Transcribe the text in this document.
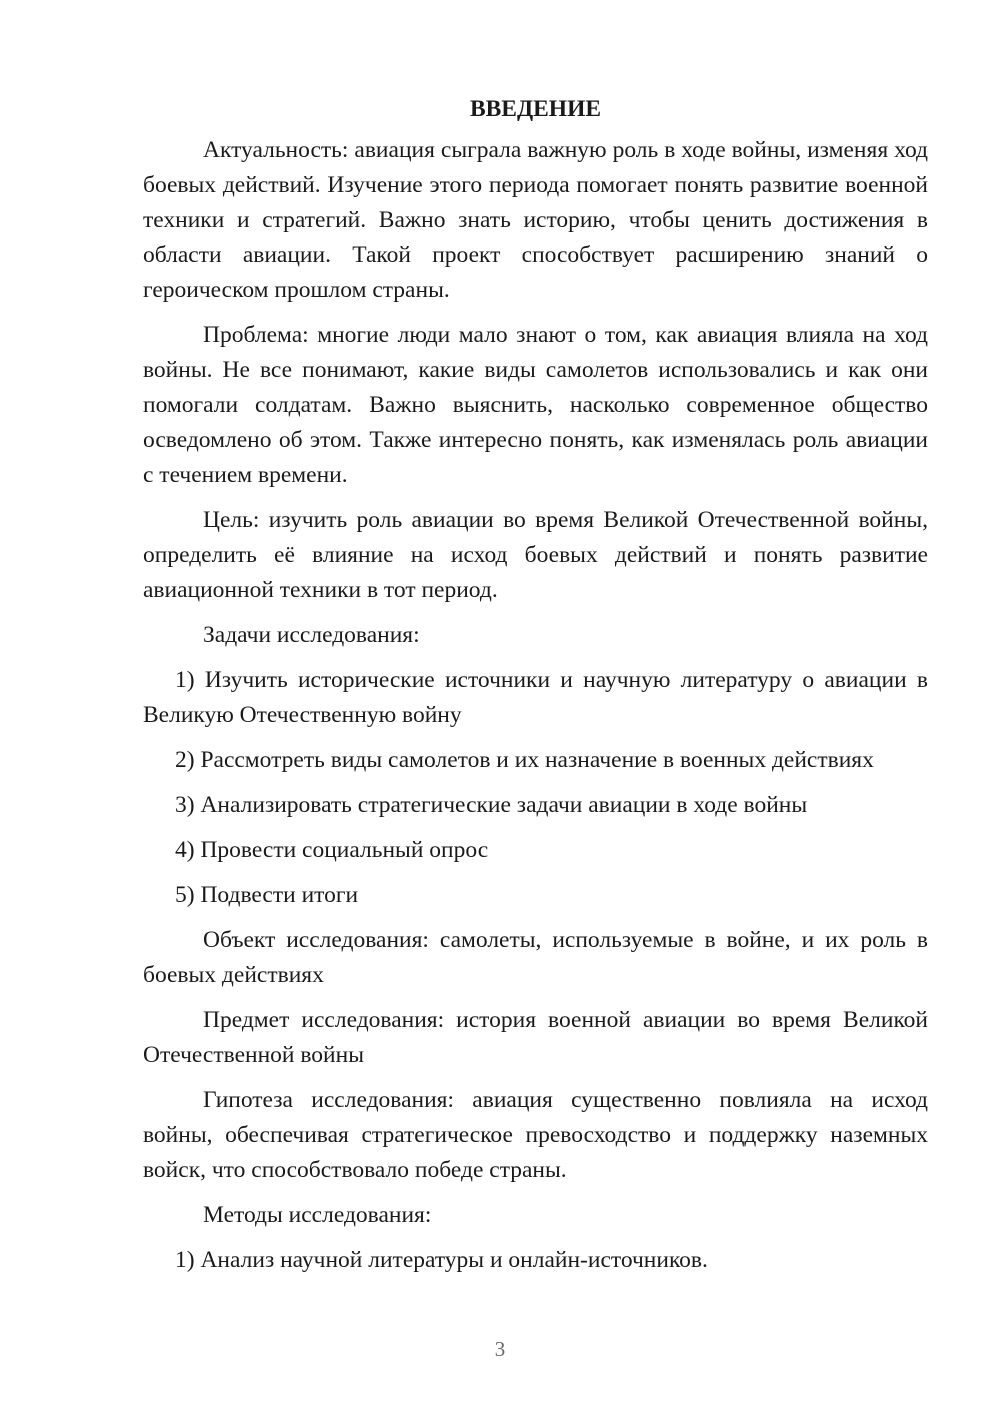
ВВЕДЕНИЕ

Актуальность: авиация сыграла важную роль в ходе войны, изменяя ход боевых действий. Изучение этого периода помогает понять развитие военной техники и стратегий. Важно знать историю, чтобы ценить достижения в области авиации. Такой проект способствует расширению знаний о героическом прошлом страны.

Проблема: многие люди мало знают о том, как авиация влияла на ход войны. Не все понимают, какие виды самолетов использовались и как они помогали солдатам. Важно выяснить, насколько современное общество осведомлено об этом. Также интересно понять, как изменялась роль авиации с течением времени.

Цель: изучить роль авиации во время Великой Отечественной войны, определить её влияние на исход боевых действий и понять развитие авиационной техники в тот период.

Задачи исследования:

1) Изучить исторические источники и научную литературу о авиации в Великую Отечественную войну

2) Рассмотреть виды самолетов и их назначение в военных действиях

3) Анализировать стратегические задачи авиации в ходе войны

4) Провести социальный опрос

5) Подвести итоги

Объект исследования: самолеты, используемые в войне, и их роль в боевых действиях

Предмет исследования: история военной авиации во время Великой Отечественной войны

Гипотеза исследования: авиация существенно повлияла на исход войны, обеспечивая стратегическое превосходство и поддержку наземных войск, что способствовало победе страны.

Методы исследования:

1) Анализ научной литературы и онлайн-источников.

3
